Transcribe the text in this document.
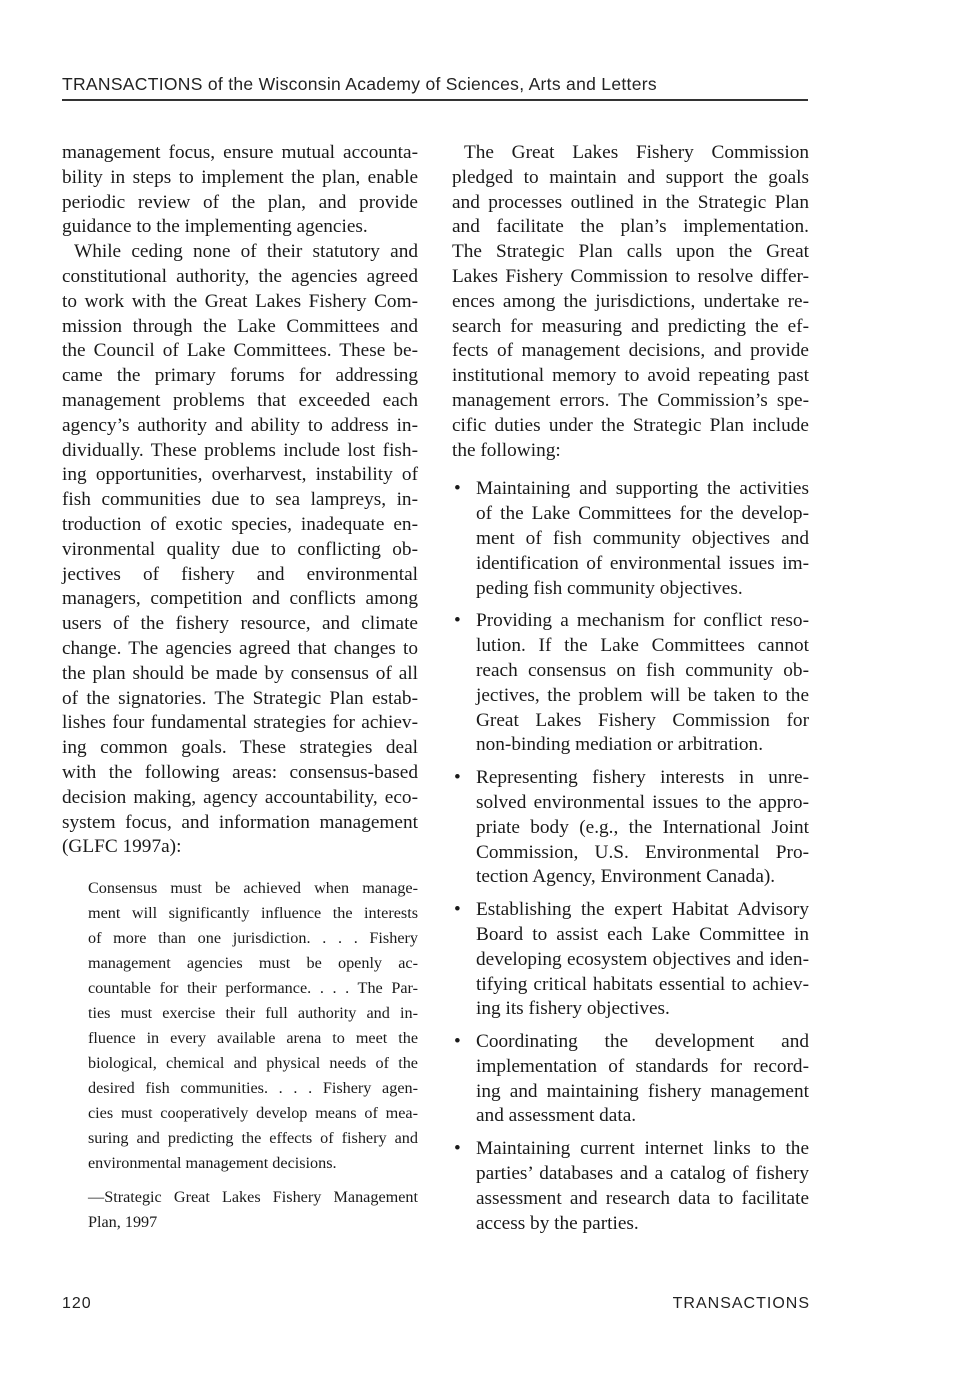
TRANSACTIONS of the Wisconsin Academy of Sciences, Arts and Letters
management focus, ensure mutual accounta-
bility in steps to implement the plan, enable
periodic review of the plan, and provide
guidance to the implementing agencies.
While ceding none of their statutory and
constitutional authority, the agencies agreed
to work with the Great Lakes Fishery Com-
mission through the Lake Committees and
the Council of Lake Committees. These be-
came the primary forums for addressing
management problems that exceeded each
agency’s authority and ability to address in-
dividually. These problems include lost fish-
ing opportunities, overharvest, instability of
fish communities due to sea lampreys, in-
troduction of exotic species, inadequate en-
vironmental quality due to conflicting ob-
jectives of fishery and environmental
managers, competition and conflicts among
users of the fishery resource, and climate
change. The agencies agreed that changes to
the plan should be made by consensus of all
of the signatories. The Strategic Plan estab-
lishes four fundamental strategies for achiev-
ing common goals. These strategies deal
with the following areas: consensus-based
decision making, agency accountability, eco-
system focus, and information management
(GLFC 1997a):
Consensus must be achieved when manage-
ment will significantly influence the interests
of more than one jurisdiction. . . . Fishery
management agencies must be openly ac-
countable for their performance. . . . The Par-
ties must exercise their full authority and in-
fluence in every available arena to meet the
biological, chemical and physical needs of the
desired fish communities. . . . Fishery agen-
cies must cooperatively develop means of mea-
suring and predicting the effects of fishery and
environmental management decisions.
—Strategic Great Lakes Fishery Management
Plan, 1997
The Great Lakes Fishery Commission
pledged to maintain and support the goals
and processes outlined in the Strategic Plan
and facilitate the plan’s implementation.
The Strategic Plan calls upon the Great
Lakes Fishery Commission to resolve differ-
ences among the jurisdictions, undertake re-
search for measuring and predicting the ef-
fects of management decisions, and provide
institutional memory to avoid repeating past
management errors. The Commission’s spe-
cific duties under the Strategic Plan include
the following:
• Maintaining and supporting the activities
of the Lake Committees for the develop-
ment of fish community objectives and
identification of environmental issues im-
peding fish community objectives.
• Providing a mechanism for conflict reso-
lution. If the Lake Committees cannot
reach consensus on fish community ob-
jectives, the problem will be taken to the
Great Lakes Fishery Commission for
non-binding mediation or arbitration.
• Representing fishery interests in unre-
solved environmental issues to the appro-
priate body (e.g., the International Joint
Commission, U.S. Environmental Pro-
tection Agency, Environment Canada).
• Establishing the expert Habitat Advisory
Board to assist each Lake Committee in
developing ecosystem objectives and iden-
tifying critical habitats essential to achiev-
ing its fishery objectives.
• Coordinating the development and
implementation of standards for record-
ing and maintaining fishery management
and assessment data.
• Maintaining current internet links to the
parties’ databases and a catalog of fishery
assessment and research data to facilitate
access by the parties.
120	TRANSACTIONS
